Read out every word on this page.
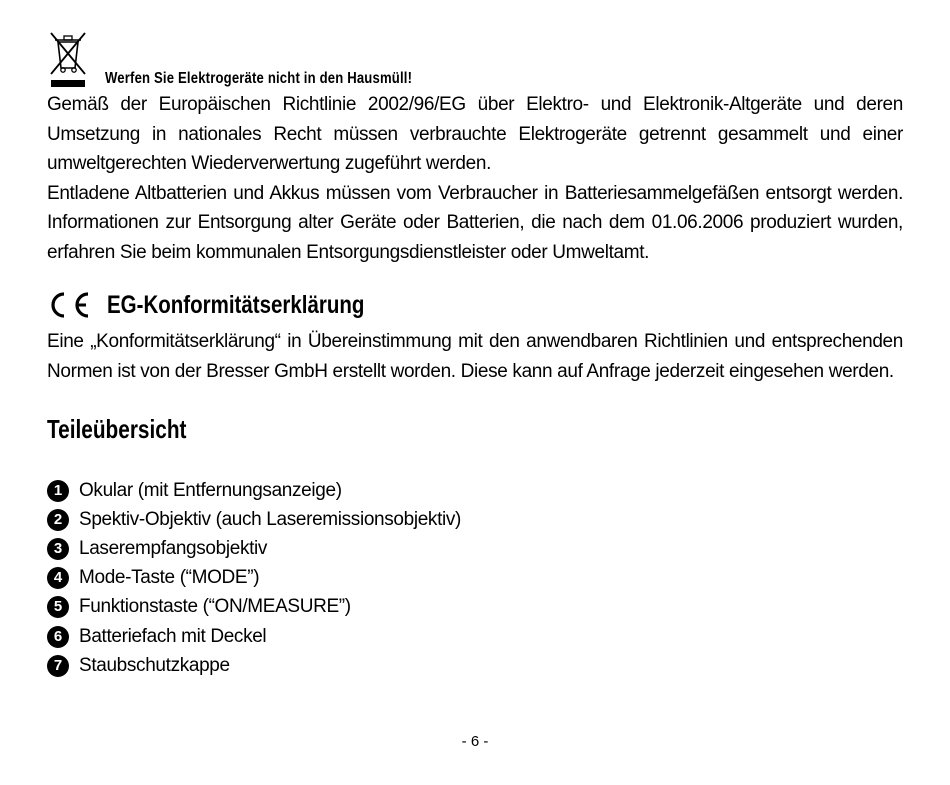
Werfen Sie Elektrogeräte nicht in den Hausmüll!

Gemäß der Europäischen Richtlinie 2002/96/EG über Elektro- und Elektronik-Altgeräte und deren Umsetzung in nationales Recht müssen verbrauchte Elektrogeräte getrennt gesammelt und einer umweltgerechten Wiederverwertung zugeführt werden.

Entladene Altbatterien und Akkus müssen vom Verbraucher in Batteriesammelgefäßen entsorgt werden. Informationen zur Entsorgung alter Geräte oder Batterien, die nach dem 01.06.2006 produziert wurden, erfahren Sie beim kommunalen Entsorgungsdienstleister oder Umweltamt.

EG-Konformitätserklärung

Eine „Konformitätserklärung“ in Übereinstimmung mit den anwendbaren Richtlinien und entsprechenden Normen ist von der Bresser GmbH erstellt worden. Diese kann auf Anfrage jederzeit eingesehen werden.

Teileübersicht
1 Okular (mit Entfernungsanzeige)
2 Spektiv-Objektiv (auch Laseremissionsobjektiv)
3 Laserempfangsobjektiv
4 Mode-Taste (“MODE”)
5 Funktionstaste (“ON/MEASURE”)
6 Batteriefach mit Deckel
7 Staubschutzkappe
- 6 -
